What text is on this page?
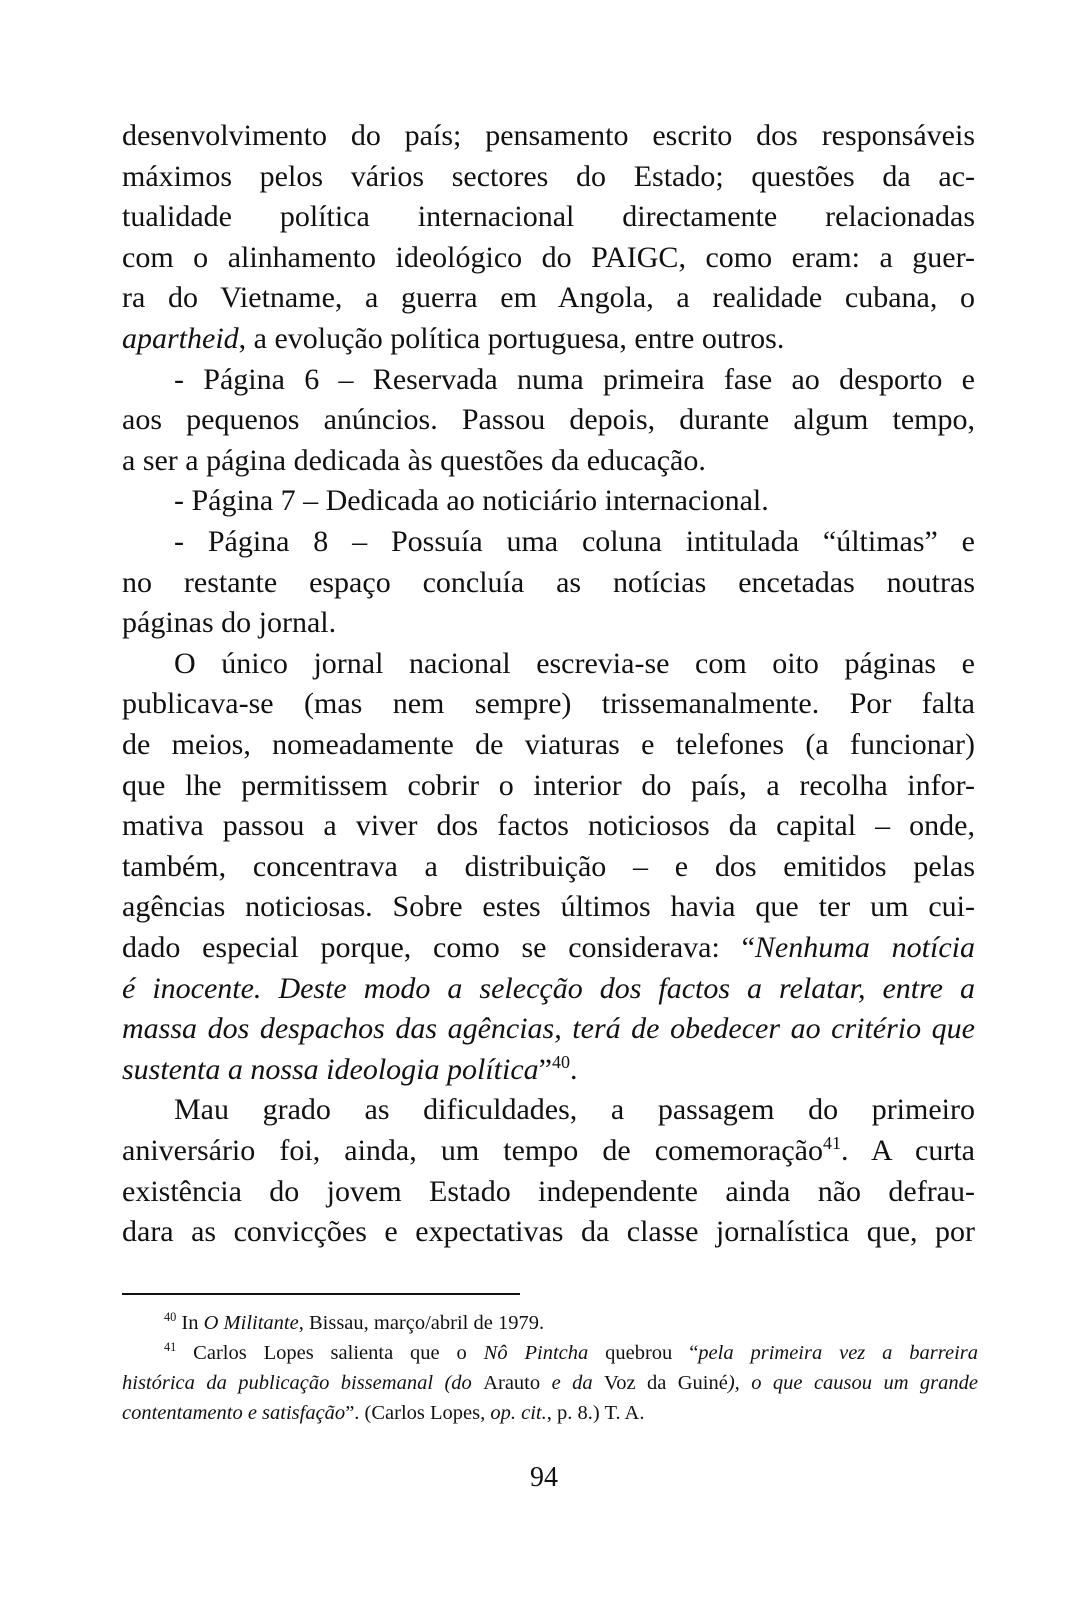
desenvolvimento do país; pensamento escrito dos responsáveis
máximos pelos vários sectores do Estado; questões da ac-
tualidade política internacional directamente relacionadas
com o alinhamento ideológico do PAIGC, como eram: a guer-
ra do Vietname, a guerra em Angola, a realidade cubana, o
apartheid, a evolução política portuguesa, entre outros.
- Página 6 – Reservada numa primeira fase ao desporto e
aos pequenos anúncios. Passou depois, durante algum tempo,
a ser a página dedicada às questões da educação.
- Página 7 – Dedicada ao noticiário internacional.
- Página 8 – Possuía uma coluna intitulada “últimas” e
no restante espaço concluía as notícias encetadas noutras
páginas do jornal.
O único jornal nacional escrevia-se com oito páginas e
publicava-se (mas nem sempre) trissemanalmente. Por falta
de meios, nomeadamente de viaturas e telefones (a funcionar)
que lhe permitissem cobrir o interior do país, a recolha infor-
mativa passou a viver dos factos noticiosos da capital – onde,
também, concentrava a distribuição – e dos emitidos pelas
agências noticiosas. Sobre estes últimos havia que ter um cui-
dado especial porque, como se considerava: “Nenhuma notícia
é inocente. Deste modo a selecção dos factos a relatar, entre a
massa dos despachos das agências, terá de obedecer ao critério que
sustenta a nossa ideologia política”$^{40}$.
Mau grado as dificuldades, a passagem do primeiro
aniversário foi, ainda, um tempo de comemoração$^{41}$. A curta
existência do jovem Estado independente ainda não defrau-
dara as convicções e expectativas da classe jornalística que, por
$^{40}$ In O Militante, Bissau, março/abril de 1979.
$^{41}$ Carlos Lopes salienta que o Nô Pintcha quebrou “pela primeira vez a barreira
histórica da publicação bissemanal (do Arauto e da Voz da Guiné), o que causou um grande
contentamento e satisfação”. (Carlos Lopes, op. cit., p. 8.) T. A.
94
